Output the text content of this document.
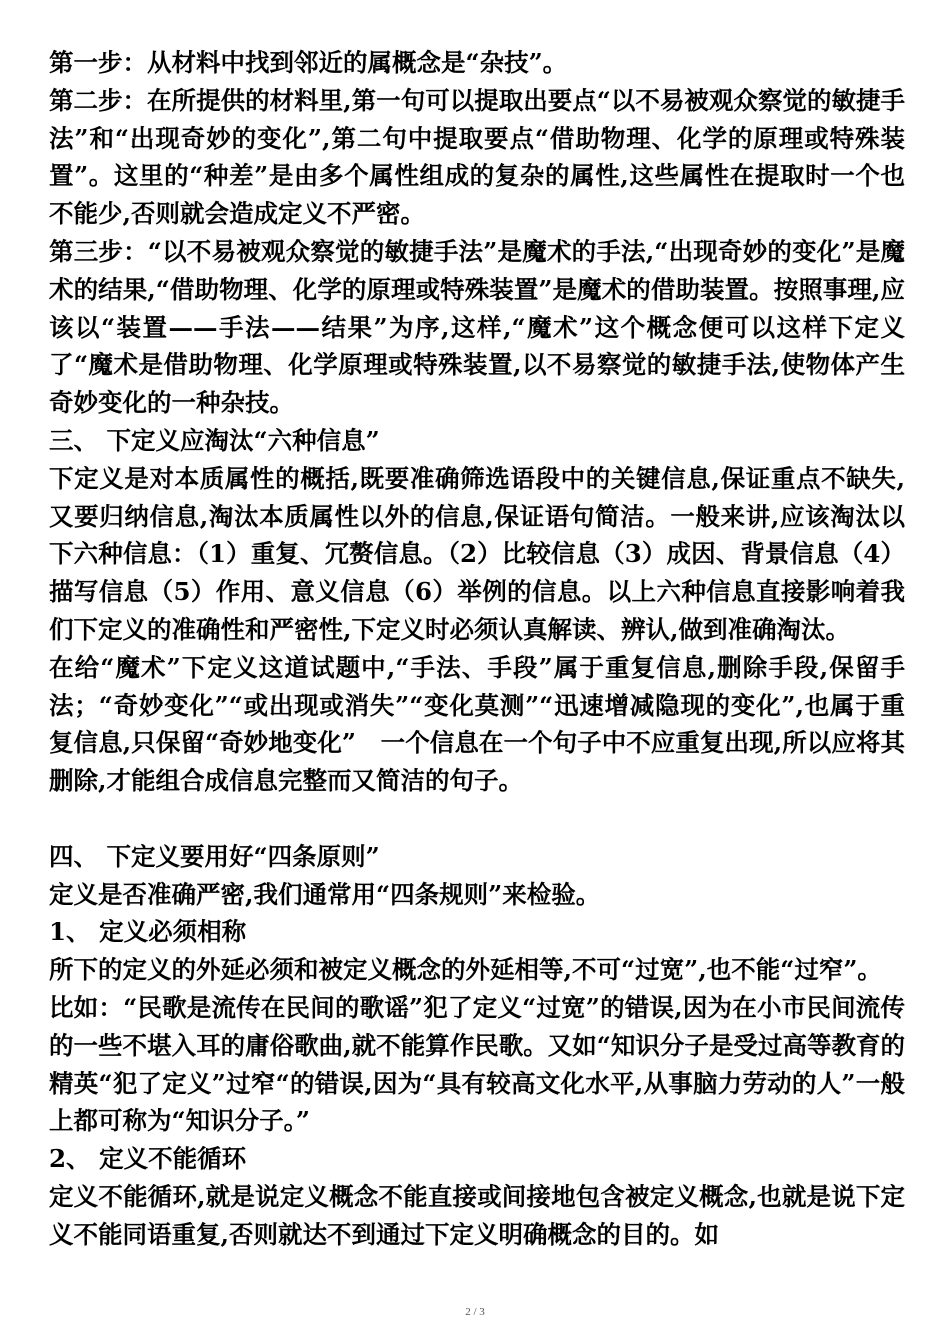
第一步：从材料中找到邻近的属概念是“杂技”。

第二步：在所提供的材料里,第一句可以提取出要点“以不易被观众察觉的敏捷手法”和“出现奇妙的变化”,第二句中提取要点“借助物理、化学的原理或特殊装置”。这里的“种差”是由多个属性组成的复杂的属性,这些属性在提取时一个也不能少,否则就会造成定义不严密。

第三步：“以不易被观众察觉的敏捷手法”是魔术的手法,“出现奇妙的变化”是魔术的结果,“借助物理、化学的原理或特殊装置”是魔术的借助装置。按照事理,应该以“装置——手法——结果”为序,这样,“魔术”这个概念便可以这样下定义了“魔术是借助物理、化学原理或特殊装置,以不易察觉的敏捷手法,使物体产生奇妙变化的一种杂技。

三、 下定义应淘汰“六种信息”

下定义是对本质属性的概括,既要准确筛选语段中的关键信息,保证重点不缺失,又要归纳信息,淘汰本质属性以外的信息,保证语句简洁。一般来讲,应该淘汰以下六种信息：（1）重复、冗赘信息。（2）比较信息（3）成因、背景信息（4）描写信息（5）作用、意义信息（6）举例的信息。以上六种信息直接影响着我们下定义的准确性和严密性,下定义时必须认真解读、辨认,做到准确淘汰。

在给“魔术”下定义这道试题中,“手法、手段”属于重复信息,删除手段,保留手法；“奇妙变化”“或出现或消失”“变化莫测”“迅速增减隐现的变化”,也属于重复信息,只保留“奇妙地变化”　一个信息在一个句子中不应重复出现,所以应将其删除,才能组合成信息完整而又简洁的句子。

四、 下定义要用好“四条原则”

定义是否准确严密,我们通常用“四条规则”来检验。

1、 定义必须相称

所下的定义的外延必须和被定义概念的外延相等,不可“过宽”,也不能“过窄”。

比如：“民歌是流传在民间的歌谣”犯了定义“过宽”的错误,因为在小市民间流传的一些不堪入耳的庸俗歌曲,就不能算作民歌。又如“知识分子是受过高等教育的精英“犯了定义”过窄“的错误,因为“具有较高文化水平,从事脑力劳动的人”一般上都可称为“知识分子。”

2、 定义不能循环

定义不能循环,就是说定义概念不能直接或间接地包含被定义概念,也就是说下定义不能同语重复,否则就达不到通过下定义明确概念的目的。如

2 / 3
